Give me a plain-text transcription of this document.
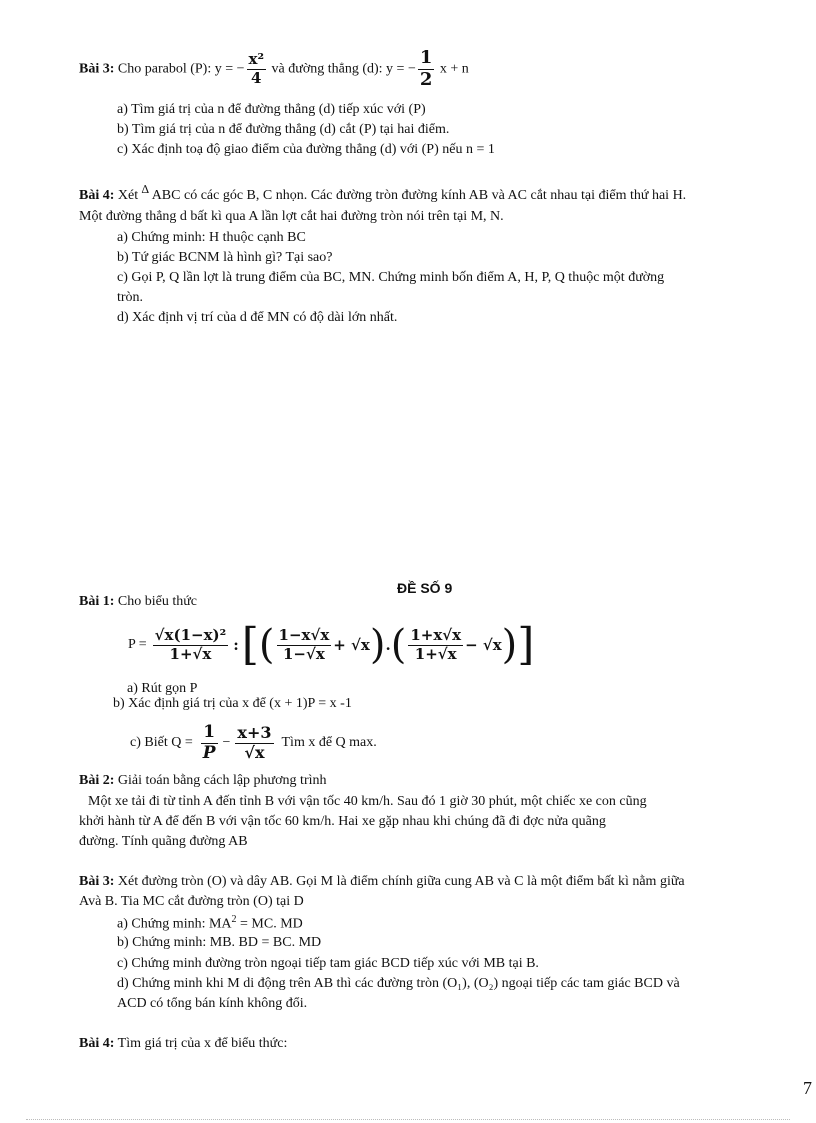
Bài 3: Cho parabol (P): y = − $\frac{\text{x²}}{4}$ và đường thẳng (d): y = − $\frac{1}{2}$ x + n
a) Tìm giá trị của n để đường thẳng (d) tiếp xúc với (P)
b) Tìm giá trị của n để đường thẳng (d) cắt (P) tại hai điểm.
c) Xác định toạ độ giao điểm của đường thẳng (d) với (P) nếu n = 1
Bài 4: Xét ∆ ABC có các góc B, C nhọn. Các đường tròn đường kính AB và AC cắt nhau tại điểm thứ hai H.
Một đường thẳng d bất kì qua A lần lợt cắt hai đường tròn nói trên tại M, N.
a) Chứng minh: H thuộc cạnh BC
b) Tứ giác BCNM là hình gì? Tại sao?
c) Gọi P, Q lần lợt là trung điểm của BC, MN. Chứng minh bốn điểm A, H, P, Q thuộc một đường
tròn.
d) Xác định vị trí của d để MN có độ dài lớn nhất.
ĐỀ SỐ 9
Bài 1: Cho biểu thức
$P = \frac{\text{√x(1−x)²}}{1+√x}$ : [ ( $\frac{1-x√x}{1-√x} + √x$ ) . ( $\frac{1+x√x}{1+√x} - √x$ ) ]
a) Rút gọn P
b) Xác định giá trị của x để (x + 1)P = x -1
c) Biết $Q = \frac{1}{P} - \frac{x+3}{√x}$ Tìm x để Q max.
Bài 2: Giải toán bằng cách lập phương trình
Một xe tải đi từ tỉnh A đến tỉnh B với vận tốc 40 km/h. Sau đó 1 giờ 30 phút, một chiếc xe con cũng
khởi hành từ A để đến B với vận tốc 60 km/h. Hai xe gặp nhau khi chúng đã đi đợc nửa quãng
đường. Tính quãng đường AB
Bài 3: Xét đường tròn (O) và dây AB. Gọi M là điểm chính giữa cung AB và C là một điểm bất kì nằm giữa
Avà B. Tia MC cắt đường tròn (O) tại D
a) Chứng minh: $MA^2$ = MC. MD
b) Chứng minh: MB. BD = BC. MD
c) Chứng minh đường tròn ngoại tiếp tam giác BCD tiếp xúc với MB tại B.
d) Chứng minh khi M di động trên AB thì các đường tròn (O₁), (O₂) ngoại tiếp các tam giác BCD và
ACD có tổng bán kính không đổi.
Bài 4: Tìm giá trị của x để biểu thức:
7
